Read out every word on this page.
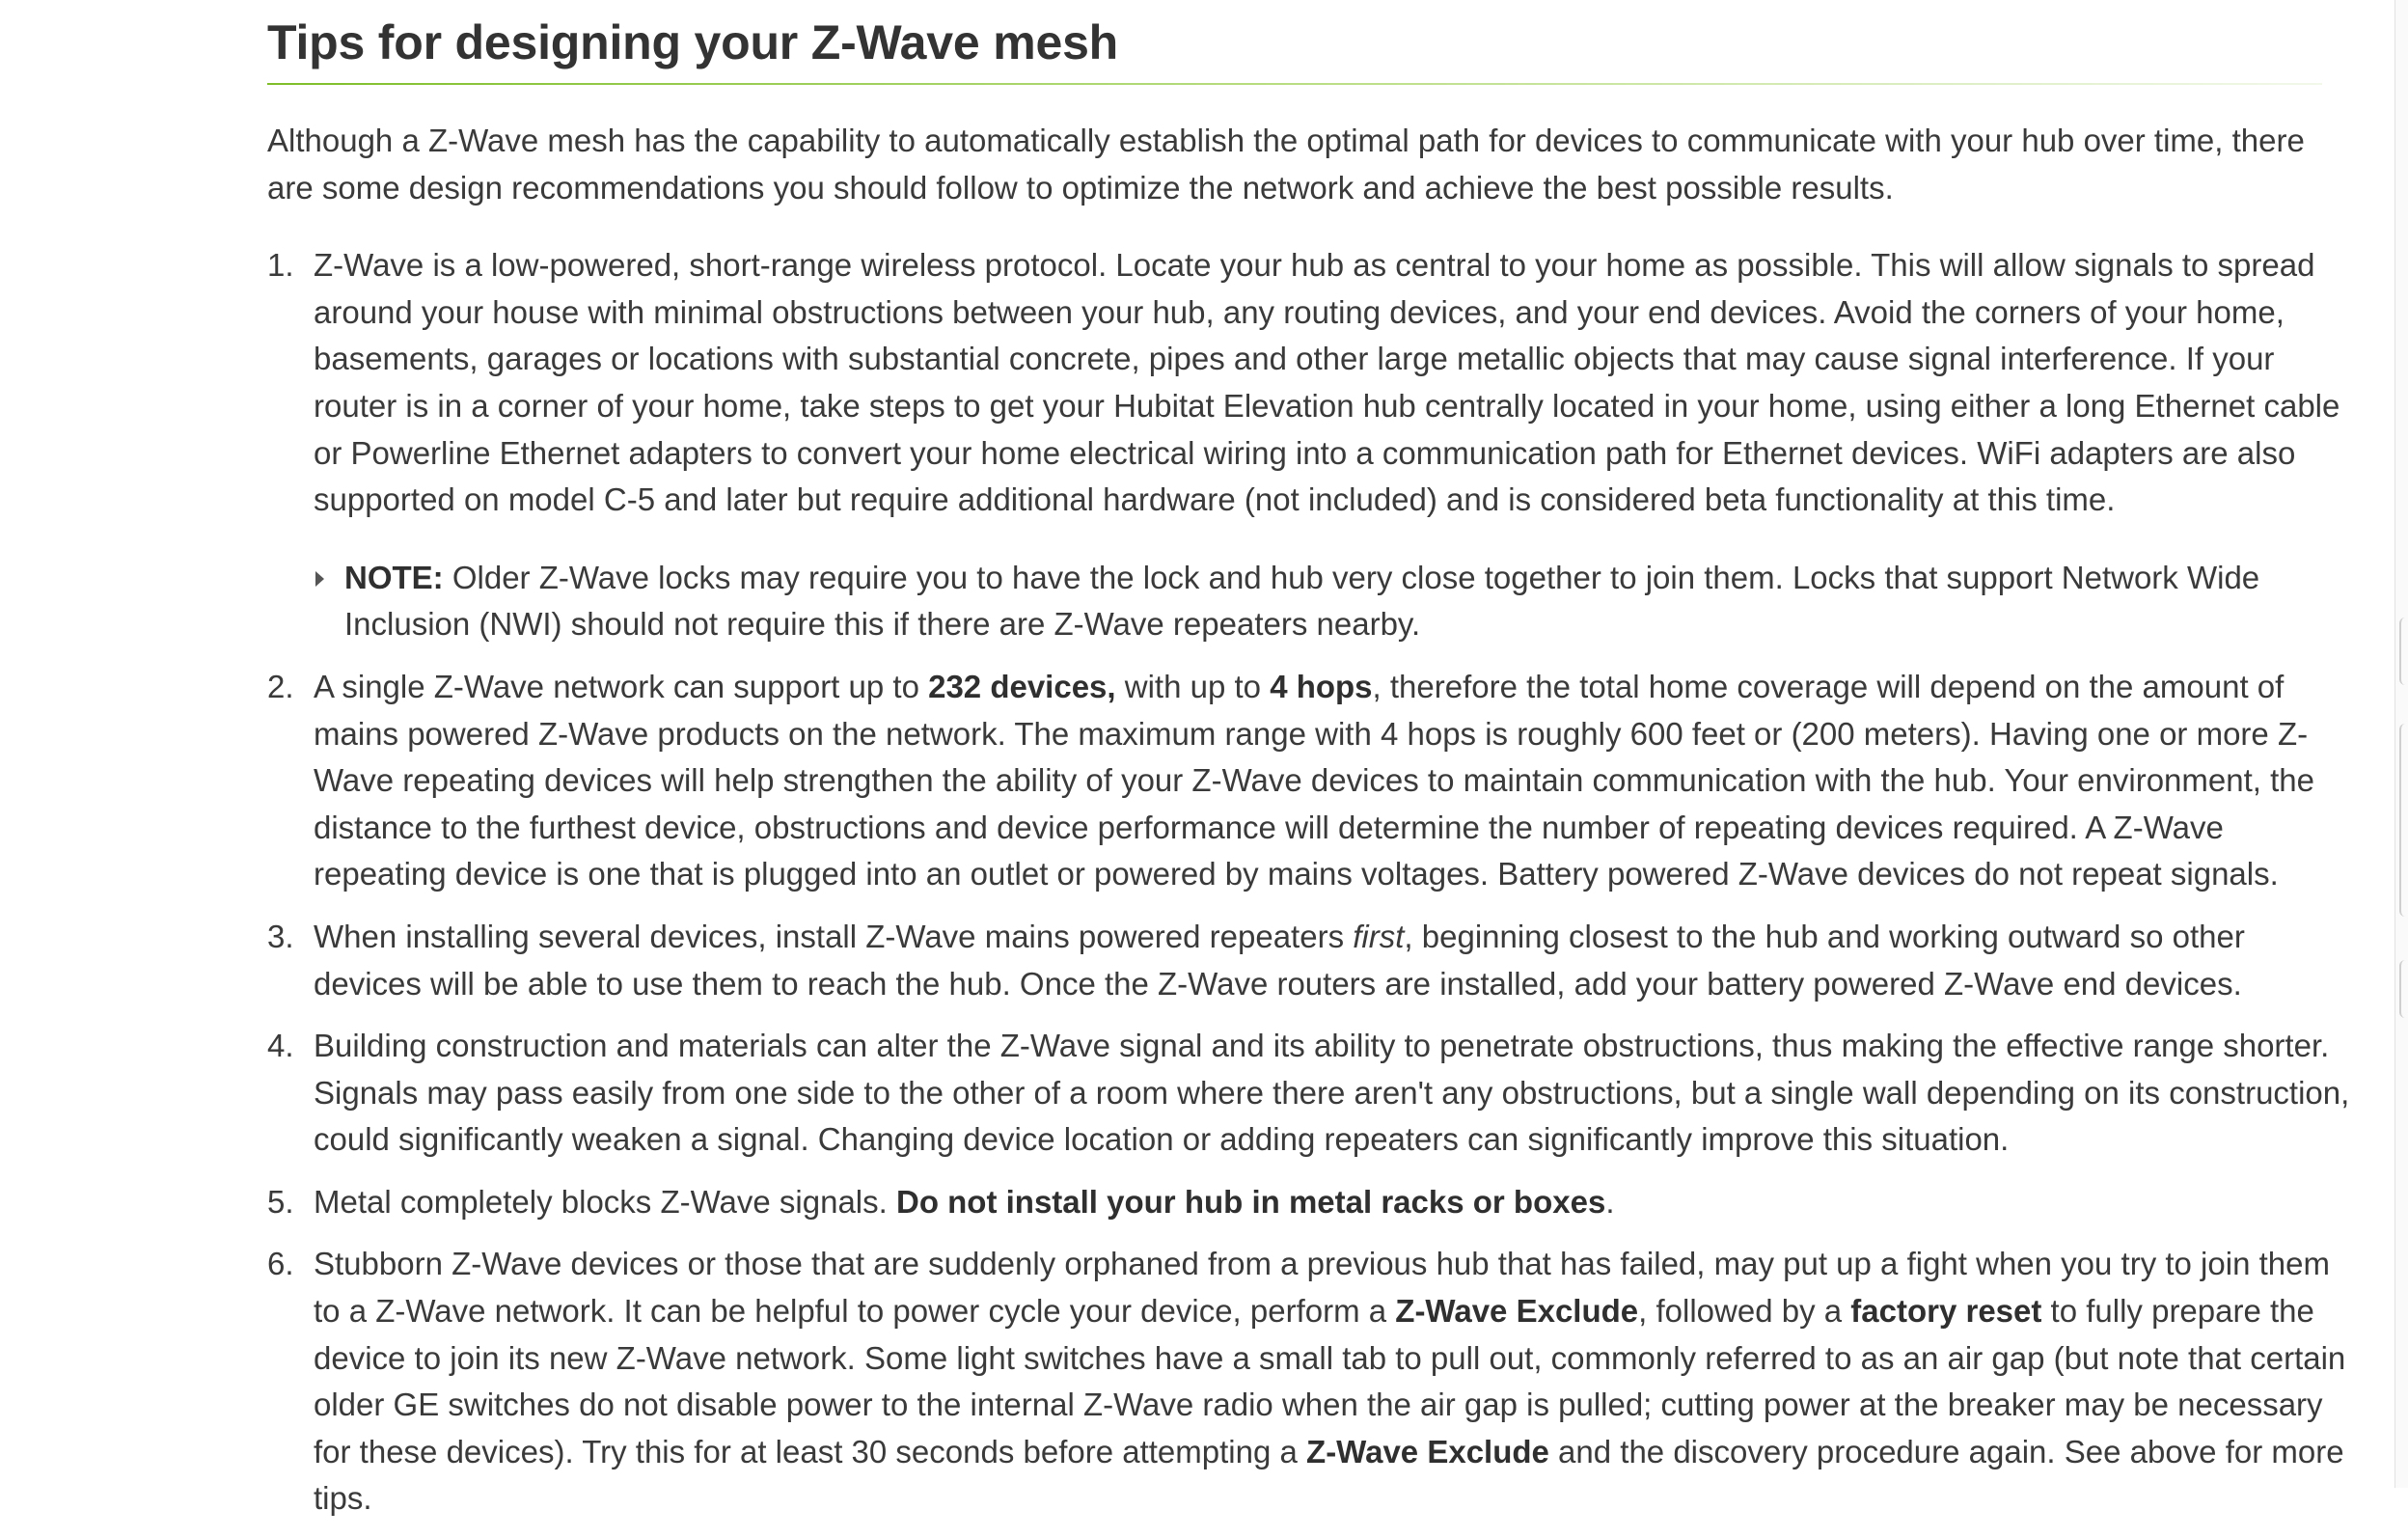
Tips for designing your Z-Wave mesh

Although a Z-Wave mesh has the capability to automatically establish the optimal path for devices to communicate with your hub over time, there are some design recommendations you should follow to optimize the network and achieve the best possible results.

1. Z-Wave is a low-powered, short-range wireless protocol. Locate your hub as central to your home as possible. This will allow signals to spread around your house with minimal obstructions between your hub, any routing devices, and your end devices. Avoid the corners of your home, basements, garages or locations with substantial concrete, pipes and other large metallic objects that may cause signal interference. If your router is in a corner of your home, take steps to get your Hubitat Elevation hub centrally located in your home, using either a long Ethernet cable or Powerline Ethernet adapters to convert your home electrical wiring into a communication path for Ethernet devices. WiFi adapters are also supported on model C-5 and later but require additional hardware (not included) and is considered beta functionality at this time.
NOTE: Older Z-Wave locks may require you to have the lock and hub very close together to join them. Locks that support Network Wide Inclusion (NWI) should not require this if there are Z-Wave repeaters nearby.
2. A single Z-Wave network can support up to 232 devices, with up to 4 hops, therefore the total home coverage will depend on the amount of mains powered Z-Wave products on the network. The maximum range with 4 hops is roughly 600 feet or (200 meters). Having one or more Z-Wave repeating devices will help strengthen the ability of your Z-Wave devices to maintain communication with the hub. Your environment, the distance to the furthest device, obstructions and device performance will determine the number of repeating devices required. A Z-Wave repeating device is one that is plugged into an outlet or powered by mains voltages. Battery powered Z-Wave devices do not repeat signals.
3. When installing several devices, install Z-Wave mains powered repeaters first, beginning closest to the hub and working outward so other devices will be able to use them to reach the hub. Once the Z-Wave routers are installed, add your battery powered Z-Wave end devices.
4. Building construction and materials can alter the Z-Wave signal and its ability to penetrate obstructions, thus making the effective range shorter. Signals may pass easily from one side to the other of a room where there aren't any obstructions, but a single wall depending on its construction, could significantly weaken a signal. Changing device location or adding repeaters can significantly improve this situation.
5. Metal completely blocks Z-Wave signals. Do not install your hub in metal racks or boxes.
6. Stubborn Z-Wave devices or those that are suddenly orphaned from a previous hub that has failed, may put up a fight when you try to join them to a Z-Wave network. It can be helpful to power cycle your device, perform a Z-Wave Exclude, followed by a factory reset to fully prepare the device to join its new Z-Wave network. Some light switches have a small tab to pull out, commonly referred to as an air gap (but note that certain older GE switches do not disable power to the internal Z-Wave radio when the air gap is pulled; cutting power at the breaker may be necessary for these devices). Try this for at least 30 seconds before attempting a Z-Wave Exclude and the discovery procedure again. See above for more tips.
